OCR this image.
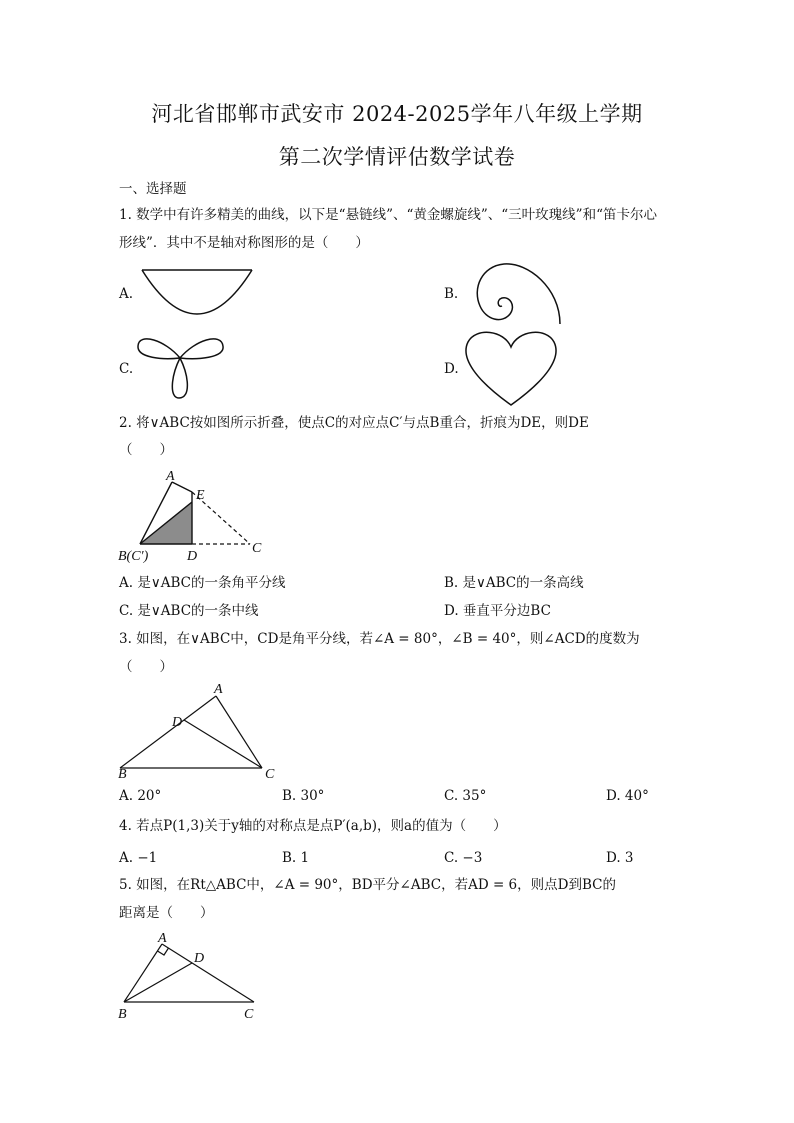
河北省邯郸市武安市 2024-2025学年八年级上学期
第二次学情评估数学试卷
一、选择题
1. 数学中有许多精美的曲线，以下是“悬链线”、“黄金螺旋线”、“三叶玫瑰线”和“笛卡尔心
形线”．其中不是轴对称图形的是（　　）
A.	B.
C.	D.
2. 将∨ABC按如图所示折叠，使点C的对应点C′与点B重合，折痕为DE，则DE
（　　）
A
E
B(C′)	D
C
A. 是∨ABC的一条角平分线	B. 是∨ABC的一条高线
C. 是∨ABC的一条中线	D. 垂直平分边BC
3. 如图，在∨ABC中，CD是角平分线，若∠A = 80°，∠B = 40°，则∠ACD的度数为
（　　）
A
D
B	C
A. 20°	B. 30°	C. 35°	D. 40°
4. 若点P(1,3)关于y轴的对称点是点P′(a,b)，则a的值为（　　）
A. −1	B. 1	C. −3	D. 3
5. 如图，在Rt△ABC中，∠A = 90°，BD平分∠ABC，若AD = 6，则点D到BC的
距离是（　　）
A
D
B	C
